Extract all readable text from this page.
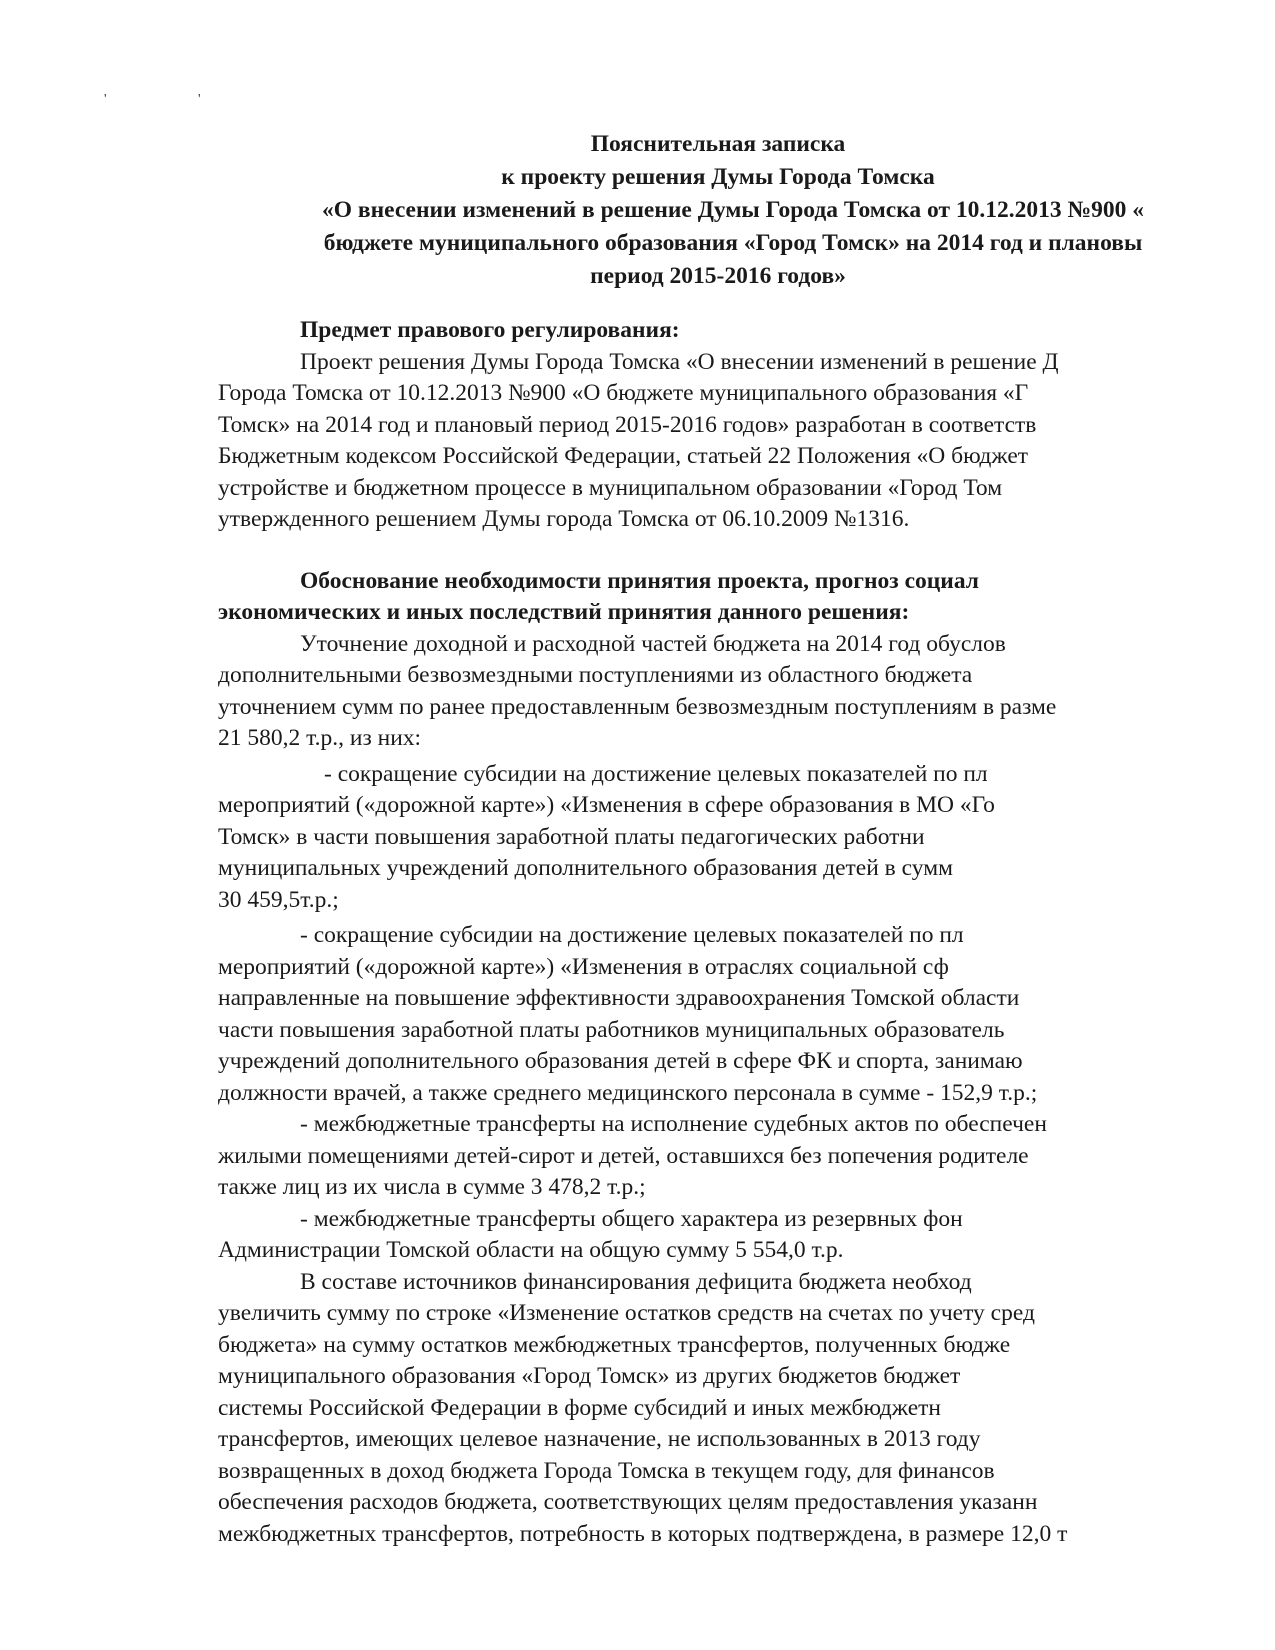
' '
Пояснительная записка
к проекту решения Думы Города Томска
«О внесении изменений в решение Думы Города Томска от 10.12.2013 №900 «
бюджете муниципального образования «Город Томск» на 2014 год и плановы
период 2015-2016 годов»
Предмет правового регулирования:
Проект решения Думы Города Томска «О внесении изменений в решение Д
Города Томска от 10.12.2013 №900 «О бюджете муниципального образования «Г
Томск» на 2014 год и плановый период 2015-2016 годов» разработан в соответств
Бюджетным кодексом Российской Федерации, статьей 22 Положения «О бюджет
устройстве и бюджетном процессе в муниципальном образовании «Город Том
утвержденного решением Думы города Томска от 06.10.2009 №1316.
Обоснование необходимости принятия проекта, прогноз социал
экономических и иных последствий принятия данного решения:
Уточнение доходной и расходной частей бюджета на 2014 год обуслов
дополнительными безвозмездными поступлениями из областного бюджета
уточнением сумм по ранее предоставленным безвозмездным поступлениям в разме
21 580,2 т.р., из них:
- сокращение субсидии на достижение целевых показателей по пл
мероприятий («дорожной карте») «Изменения в сфере образования в МО «Го
Томск» в части повышения заработной платы педагогических работни
муниципальных учреждений дополнительного образования детей в сумм
30 459,5т.р.;
- сокращение субсидии на достижение целевых показателей по пл
мероприятий («дорожной карте») «Изменения в отраслях социальной сф
направленные на повышение эффективности здравоохранения Томской области
части повышения заработной платы работников муниципальных образователь
учреждений дополнительного образования детей в сфере ФК и спорта, занимаю
должности врачей, а также среднего медицинского персонала в сумме - 152,9 т.р.;
- межбюджетные трансферты на исполнение судебных актов по обеспечен
жилыми помещениями детей-сирот и детей, оставшихся без попечения родителе
также лиц из их числа в сумме 3 478,2 т.р.;
- межбюджетные трансферты общего характера из резервных фон
Администрации Томской области на общую сумму 5 554,0 т.р.
В составе источников финансирования дефицита бюджета необход
увеличить сумму по строке «Изменение остатков средств на счетах по учету сред
бюджета» на сумму остатков межбюджетных трансфертов, полученных бюдже
муниципального образования «Город Томск» из других бюджетов бюджет
системы Российской Федерации в форме субсидий и иных межбюджетн
трансфертов, имеющих целевое назначение, не использованных в 2013 году
возвращенных в доход бюджета Города Томска в текущем году, для финансов
обеспечения расходов бюджета, соответствующих целям предоставления указанн
межбюджетных трансфертов, потребность в которых подтверждена, в размере 12,0 т
